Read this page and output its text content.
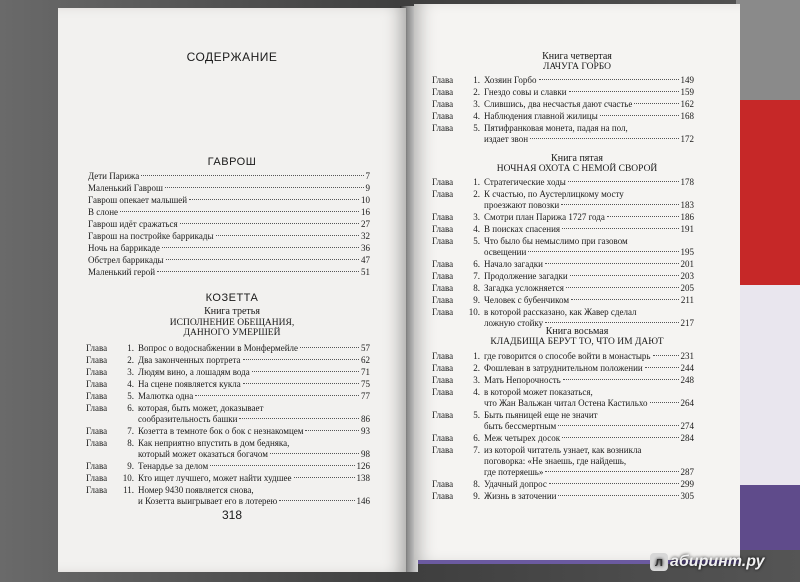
СОДЕРЖАНИЕ
ГАВРОШ
Дети Парижа	7
Маленький Гаврош	9
Гаврош опекает малышей	10
В слоне	16
Гаврош идёт сражаться	27
Гаврош на постройке баррикады	32
Ночь на баррикаде	36
Обстрел баррикады	47
Маленький герой	51
КОЗЕТТА
Книга третья
ИСПОЛНЕНИЕ ОБЕЩАНИЯ,
ДАННОГО УМЕРШЕЙ
Глава	1. Вопрос о водоснабжении в Монфермейле	57
Глава	2. Два законченных портрета	62
Глава	3. Людям вино, а лошадям вода	71
Глава	4. На сцене появляется кукла	75
Глава	5. Малютка одна	77
Глава	6. которая, быть может, доказывает
сообразительность башки	86
Глава	7. Козетта в темноте бок о бок с незнакомцем	93
Глава	8. Как неприятно впустить в дом бедняка,
который может оказаться богачом	98
Глава	9. Тенардье за делом	126
Глава	10. Кто ищет лучшего, может найти худшее	138
Глава	11. Номер 9430 появляется снова,
и Козетта выигрывает его в лотерею	146
318
Книга четвертая
ЛАЧУГА ГОРБО
Глава	1. Хозяин Горбо	149
Глава	2. Гнездо совы и славки	159
Глава	3. Слившись, два несчастья дают счастье	162
Глава	4. Наблюдения главной жилицы	168
Глава	5. Пятифранковая монета, падая на пол,
издает звон	172
Книга пятая
НОЧНАЯ ОХОТА С НЕМОЙ СВОРОЙ
Глава	1. Стратегические ходы	178
Глава	2. К счастью, по Аустерлицкому мосту
проезжают повозки	183
Глава	3. Смотри план Парижа 1727 года	186
Глава	4. В поисках спасения	191
Глава	5. Что было бы немыслимо при газовом
освещении	195
Глава	6. Начало загадки	201
Глава	7. Продолжение загадки	203
Глава	8. Загадка усложняется	205
Глава	9. Человек с бубенчиком	211
Глава	10. в которой рассказано, как Жавер сделал
ложную стойку	217
Книга восьмая
КЛАДБИЩА БЕРУТ ТО, ЧТО ИМ ДАЮТ
Глава	1. где говорится о способе войти в монастырь	231
Глава	2. Фошлеван в затруднительном положении	244
Глава	3. Мать Непорочность	248
Глава	4. в которой может показаться,
что Жан Вальжан читал Остена Кастильхо	264
Глава	5. Быть пьяницей еще не значит
быть бессмертным	274
Глава	6. Меж четырех досок	284
Глава	7. из которой читатель узнает, как возникла
поговорка: «Не знаешь, где найдешь,
где потеряешь»	287
Глава	8. Удачный допрос	299
Глава	9. Жизнь в заточении	305
л абиринт.ру
